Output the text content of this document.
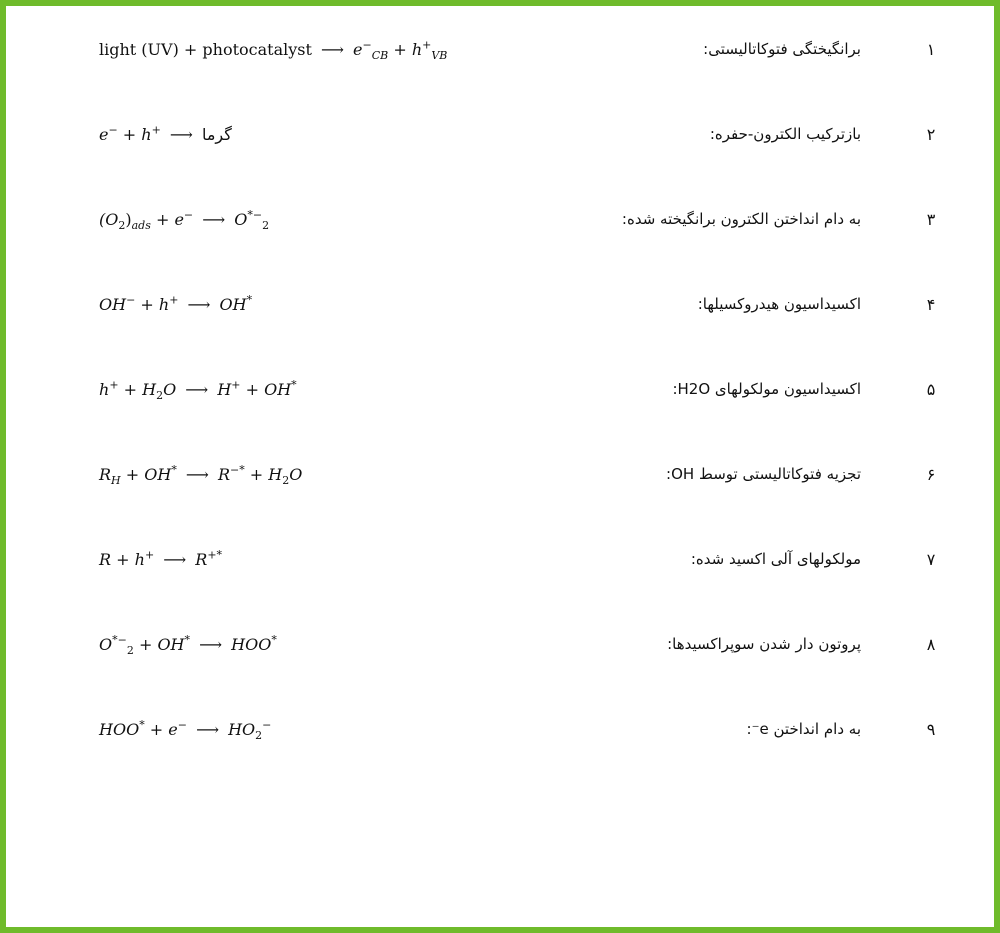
light (UV) + photocatalyst ⟶ $e^-_{CB} + h^+_{VB}$	برانگیختگی فتوکاتالیستی:	۱
e− + h+ ⟶ گرما	بازترکیب الکترون-حفره:	۲
$(O_2)_{ads} + e^-$ ⟶ $O^{*-}_2$	به دام انداختن الکترون برانگیخته شده:	۳
OH− + h+ ⟶ OH*	اکسیداسیون هیدروکسیلها:	۴
$h^+ + H_2O$ ⟶ H+ + OH*	اکسیداسیون مولکولهای H2O:	۵
$R_H + OH^*$ ⟶ $R^{-*} + H_2O$	تجزیه فتوکاتالیستی توسط OH:	۶
R + h+ ⟶ R+*	مولکولهای آلی اکسید شده:	۷
$O^{*-}_2 + OH^*$ ⟶ HOO*	پروتون دار شدن سوپراکسیدها:	۸
HOO* + e− ⟶ $HO_2^-$	به دام انداختن ‎e⁻:	۹
